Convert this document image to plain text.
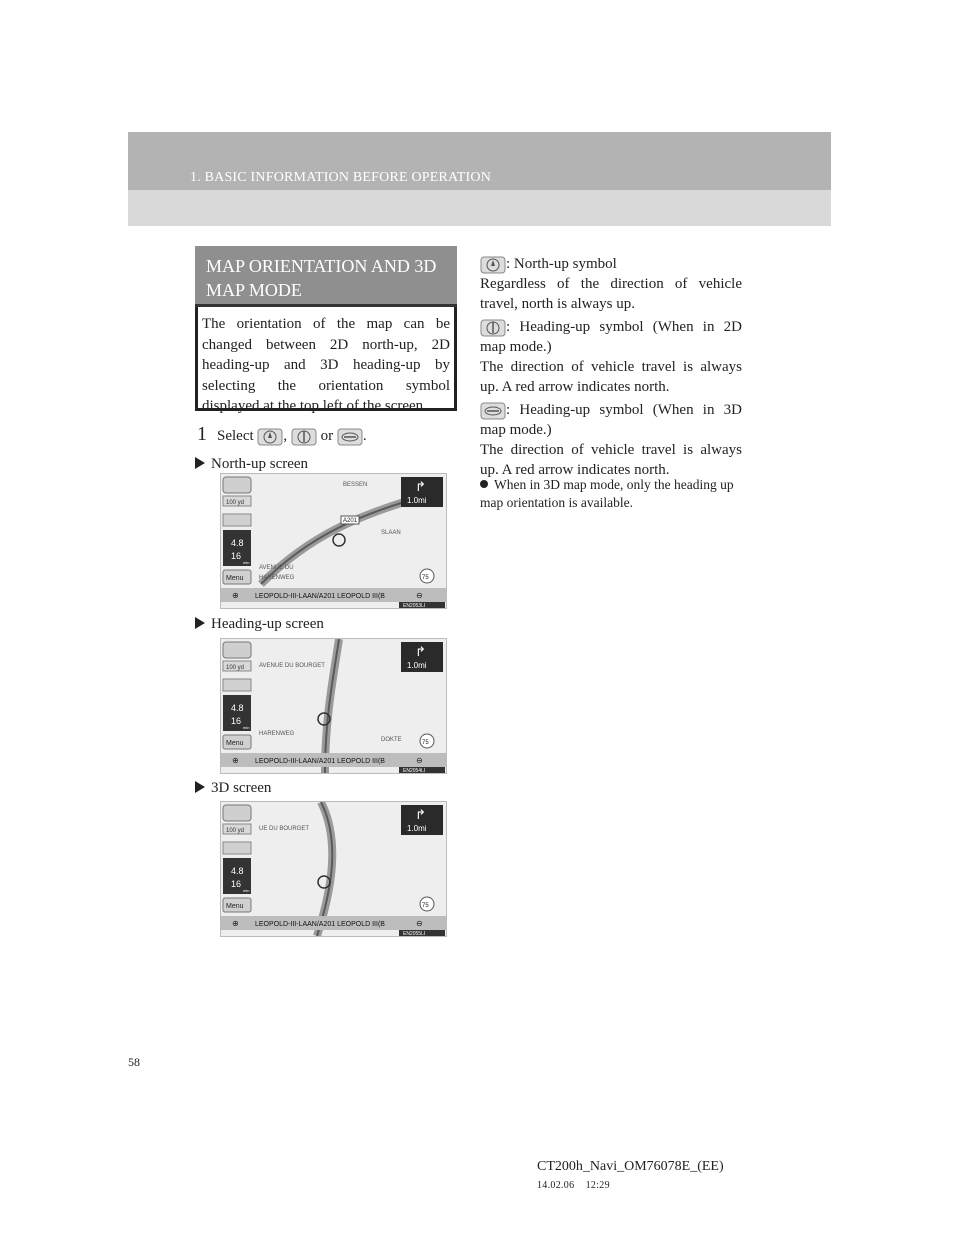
1. BASIC INFORMATION BEFORE OPERATION
MAP ORIENTATION AND 3D MAP MODE
The orientation of the map can be changed between 2D north-up, 2D heading-up and 3D heading-up by selecting the orientation symbol displayed at the top left of the screen.
1 Select , or .
North-up screen
100 yd
4.8
16
min
Menu
⊕ LEOPOLD-III-LAAN/A201 LEOPOLD III(B	⊖
↱
1.0mi
75
AVENUE DU
HARENWEG
SLAAN
BESSEN
A201
EN2053LI
Heading-up screen
100 yd
4.8
16
min
Menu
⊕ LEOPOLD-III-LAAN/A201 LEOPOLD III(B	⊖
↱
1.0mi
75
AVENUE DU BOURGET
HARENWEG
DOKTE
EN2054LI
3D screen
100 yd
4.8
16
min
Menu
⊕ LEOPOLD-III-LAAN/A201 LEOPOLD III(B	⊖
↱
1.0mi
75
UE DU BOURGET
EN2055LI
: North-up symbol
Regardless of the direction of vehicle travel, north is always up.
: Heading-up symbol (When in 2D map mode.)
The direction of vehicle travel is always up. A red arrow indicates north.
: Heading-up symbol (When in 3D map mode.)
The direction of vehicle travel is always up. A red arrow indicates north.
When in 3D map mode, only the heading up map orientation is available.
58
CT200h_Navi_OM76078E_(EE)
14.02.06 12:29
